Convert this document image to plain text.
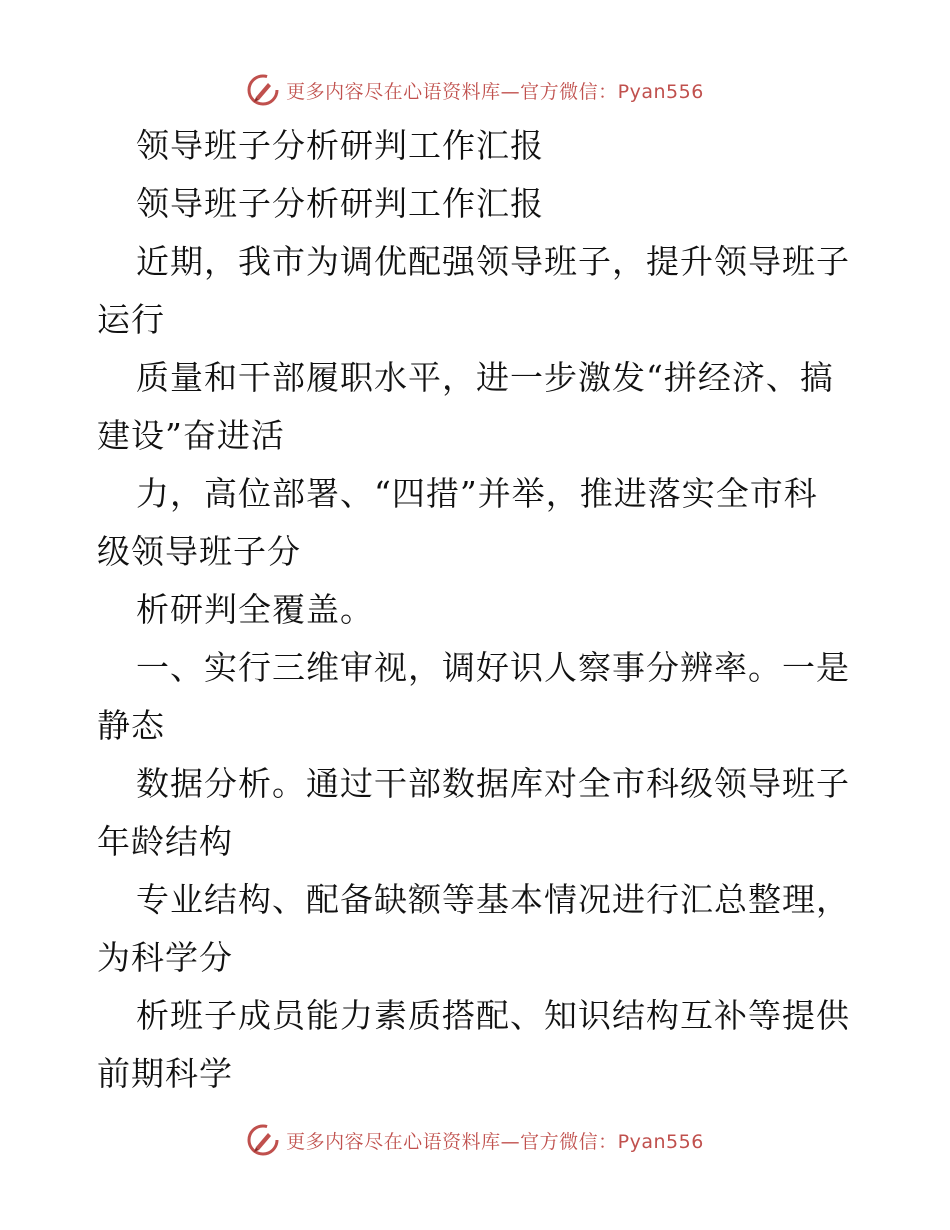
更多内容尽在心语资料库—官方微信：Pyan556
领导班子分析研判工作汇报
领导班子分析研判工作汇报
近期，我市为调优配强领导班子，提升领导班子
运行
质量和干部履职水平，进一步激发“拼经济、搞
建设”奋进活
力，高位部署、“四措”并举，推进落实全市科
级领导班子分
析研判全覆盖。
一、实行三维审视，调好识人察事分辨率。一是
静态
数据分析。通过干部数据库对全市科级领导班子
年龄结构
专业结构、配备缺额等基本情况进行汇总整理，
为科学分
析班子成员能力素质搭配、知识结构互补等提供
前期科学
更多内容尽在心语资料库—官方微信：Pyan556
